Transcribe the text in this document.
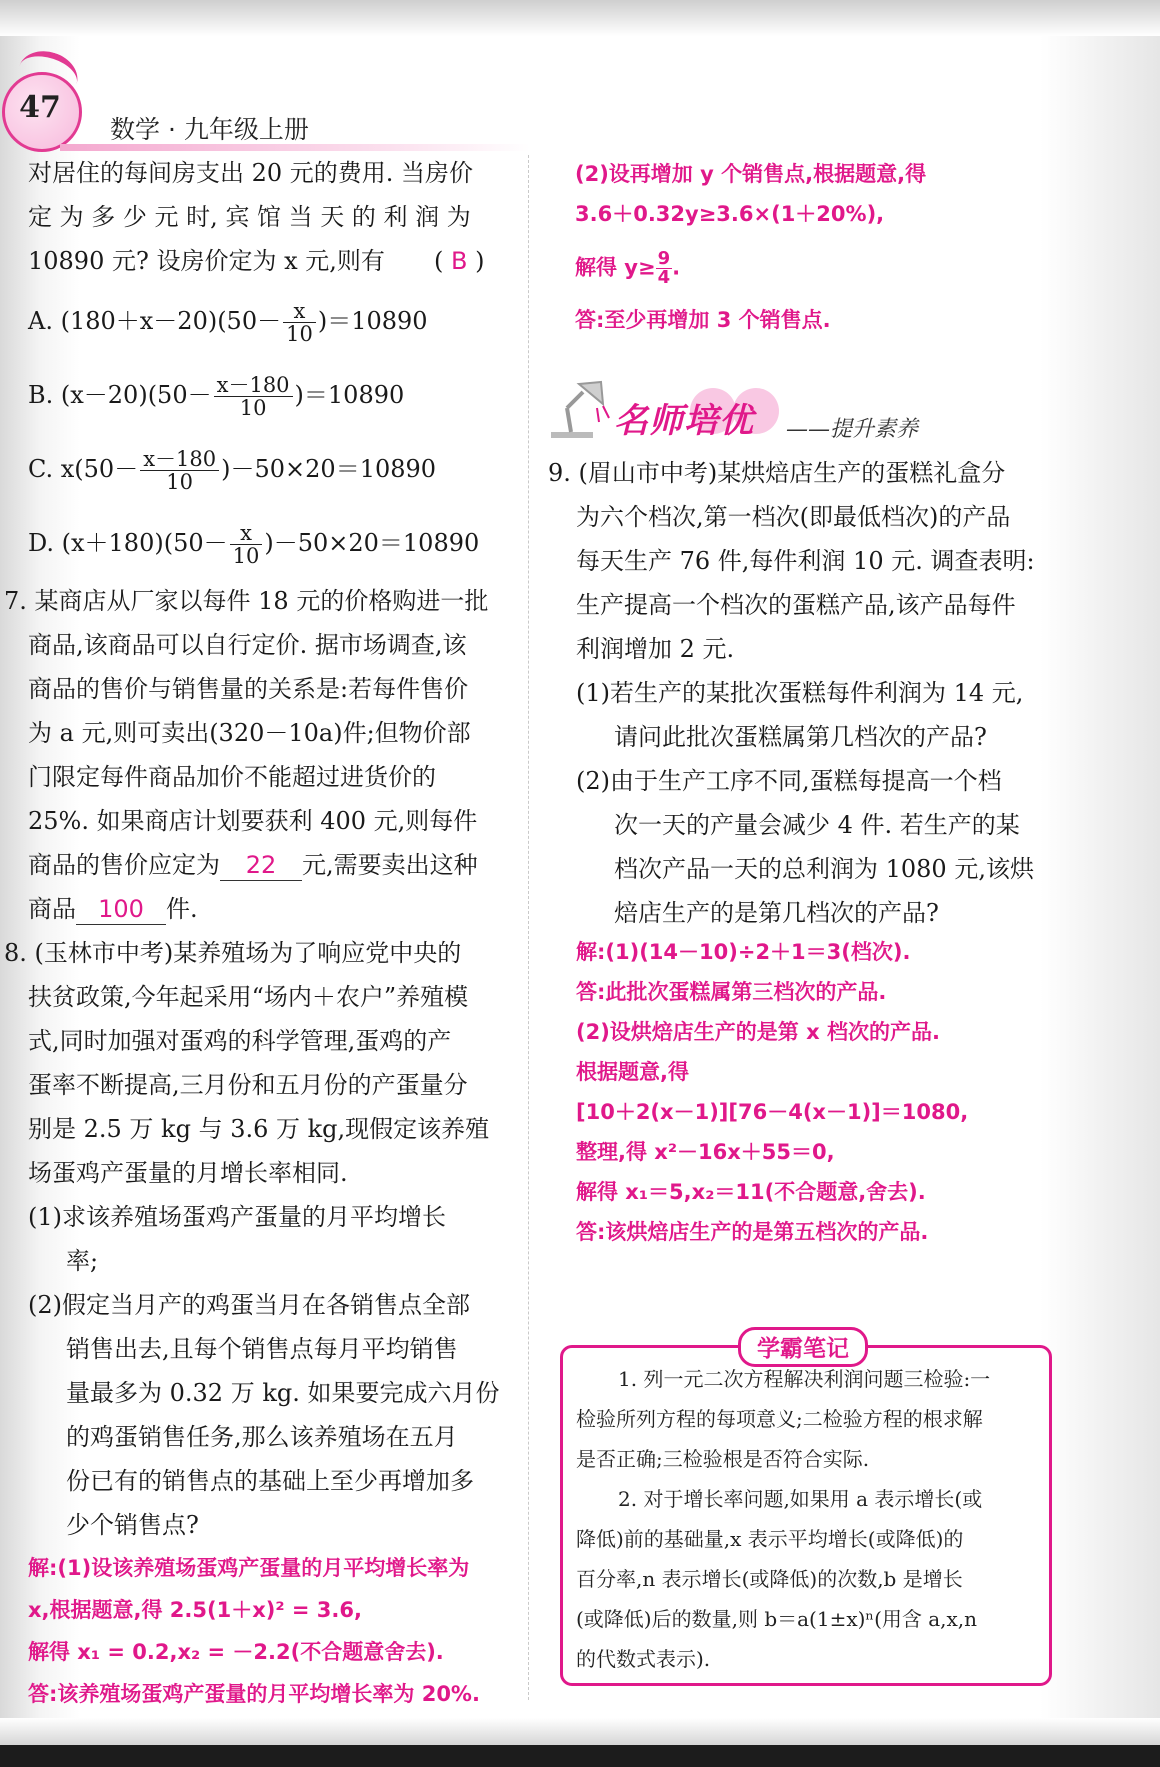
47
数学 · 九年级上册
对居住的每间房支出 20 元的费用. 当房价
定 为 多 少 元 时, 宾 馆 当 天 的 利 润 为
10890 元? 设房价定为 x 元,则有 ( B )
A. $(180+x-20)(50- \frac{x}{10} )=10890$
B. $(x-20)(50- \frac{x-180}{10} )=10890$
C. $x(50- \frac{x-180}{10} )-50\times 20=10890$
D. $(x+180)(50- \frac{x}{10} )-50\times 20=10890$
7. 某商店从厂家以每件 18 元的价格购进一批
商品,该商品可以自行定价. 据市场调查,该
商品的售价与销售量的关系是:若每件售价
为 a 元,则可卖出(320－10a)件;但物价部
门限定每件商品加价不能超过进货价的
25%. 如果商店计划要获利 400 元,则每件
商品的售价应定为 22 元,需要卖出这种
商品 100 件.
8. (玉林市中考)某养殖场为了响应党中央的
扶贫政策,今年起采用“场内＋农户”养殖模
式,同时加强对蛋鸡的科学管理,蛋鸡的产
蛋率不断提高,三月份和五月份的产蛋量分
别是 2.5 万 kg 与 3.6 万 kg,现假定该养殖
场蛋鸡产蛋量的月增长率相同.
(1)求该养殖场蛋鸡产蛋量的月平均增长
率;
(2)假定当月产的鸡蛋当月在各销售点全部
销售出去,且每个销售点每月平均销售
量最多为 0.32 万 kg. 如果要完成六月份
的鸡蛋销售任务,那么该养殖场在五月
份已有的销售点的基础上至少再增加多
少个销售点?
解:(1)设该养殖场蛋鸡产蛋量的月平均增长率为
x,根据题意,得 2.5(1＋x)² = 3.6,
解得 x₁ = 0.2,x₂ = －2.2(不合题意舍去).
答:该养殖场蛋鸡产蛋量的月平均增长率为 20%.
(2)设再增加 y 个销售点,根据题意,得
3.6＋0.32y≥3.6×(1＋20%),
解得 $y\ge \frac{9}{4}$.
答:至少再增加 3 个销售点.
名师培优 ——提升素养
9. (眉山市中考)某烘焙店生产的蛋糕礼盒分
为六个档次,第一档次(即最低档次)的产品
每天生产 76 件,每件利润 10 元. 调查表明:
生产提高一个档次的蛋糕产品,该产品每件
利润增加 2 元.
(1)若生产的某批次蛋糕每件利润为 14 元,
请问此批次蛋糕属第几档次的产品?
(2)由于生产工序不同,蛋糕每提高一个档
次一天的产量会减少 4 件. 若生产的某
档次产品一天的总利润为 1080 元,该烘
焙店生产的是第几档次的产品?
解:(1)(14－10)÷2＋1＝3(档次).
答:此批次蛋糕属第三档次的产品.
(2)设烘焙店生产的是第 x 档次的产品.
根据题意,得
[10＋2(x－1)][76－4(x－1)]＝1080,
整理,得 x²－16x＋55＝0,
解得 x₁＝5,x₂＝11(不合题意,舍去).
答:该烘焙店生产的是第五档次的产品.
学霸笔记
1. 列一元二次方程解决利润问题三检验:一
检验所列方程的每项意义;二检验方程的根求解
是否正确;三检验根是否符合实际.
2. 对于增长率问题,如果用 a 表示增长(或
降低)前的基础量,x 表示平均增长(或降低)的
百分率,n 表示增长(或降低)的次数,b 是增长
(或降低)后的数量,则 b＝a(1±x)ⁿ(用含 a,x,n
的代数式表示).
